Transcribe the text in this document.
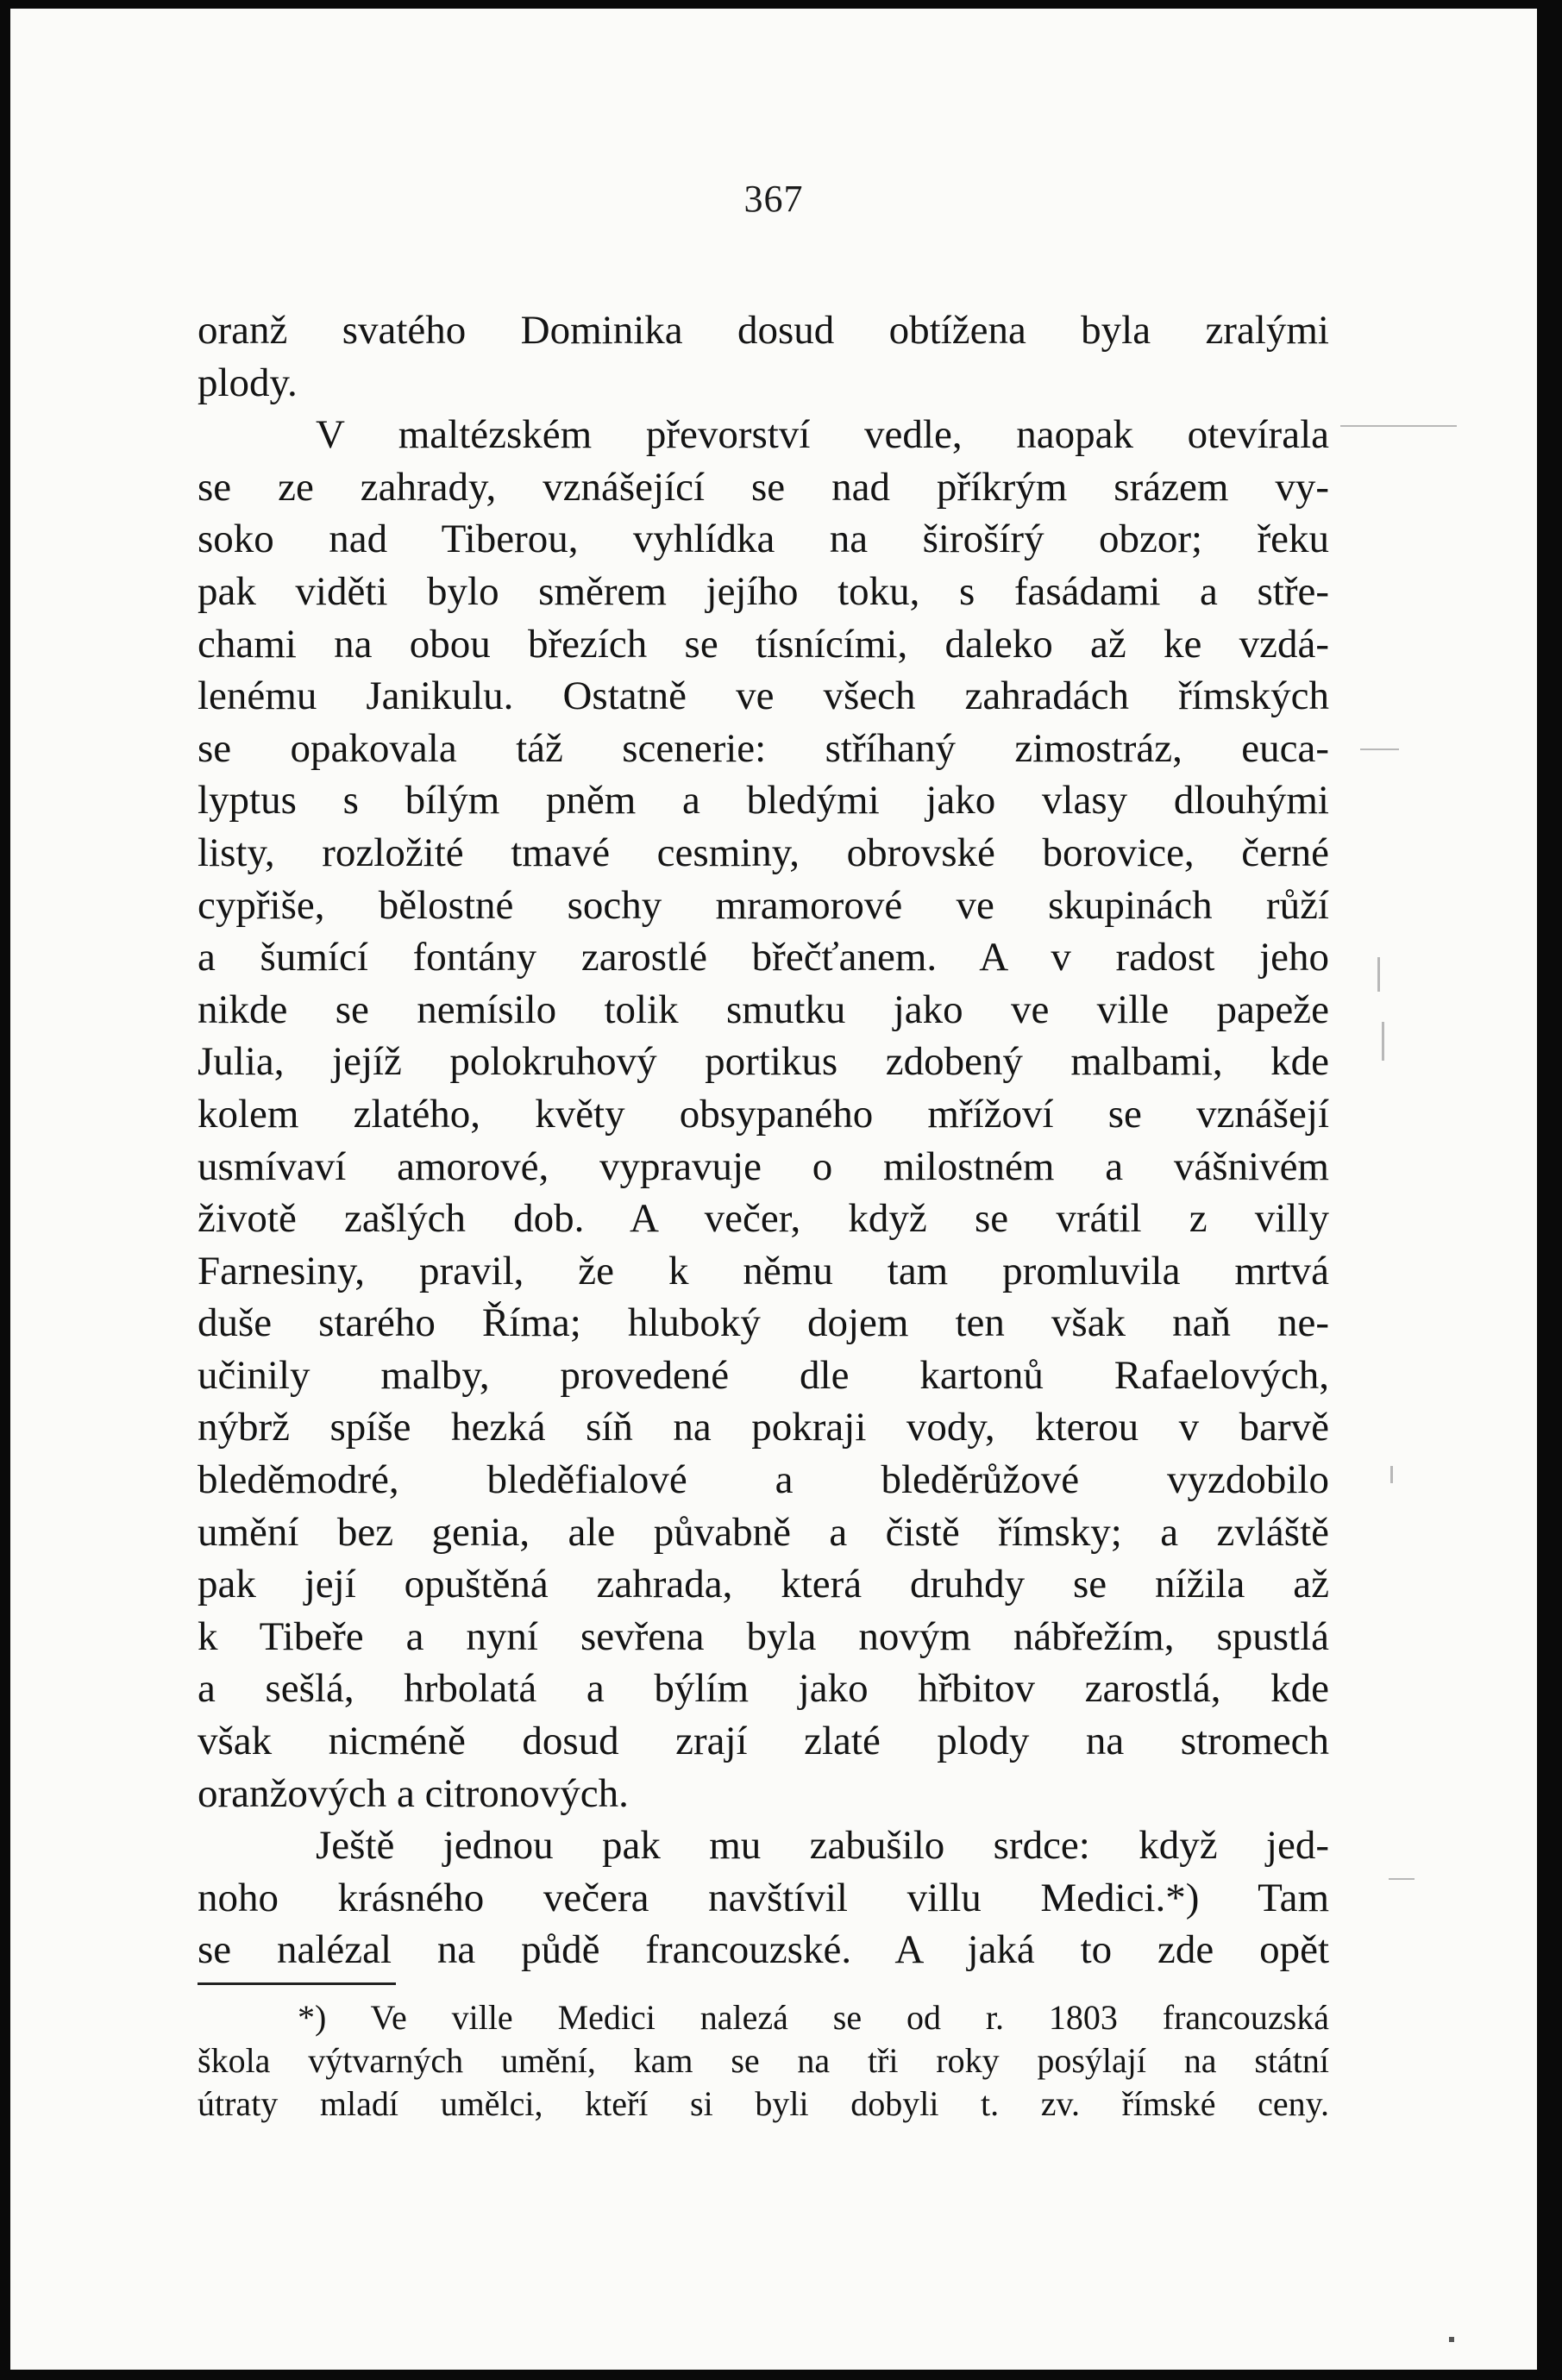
367
oranž svatého Dominika dosud obtížena byla zralými
plody.
V maltézském převorství vedle, naopak otevírala
se ze zahrady, vznášející se nad příkrým srázem vy-
soko nad Tiberou, vyhlídka na širošírý obzor; řeku
pak viděti bylo směrem jejího toku, s fasádami a stře-
chami na obou březích se tísnícími, daleko až ke vzdá-
lenému Janikulu. Ostatně ve všech zahradách římských
se opakovala táž scenerie: stříhaný zimostráz, euca-
lyptus s bílým pněm a bledými jako vlasy dlouhými
listy, rozložité tmavé cesminy, obrovské borovice, černé
cypřiše, bělostné sochy mramorové ve skupinách růží
a šumící fontány zarostlé břečťanem. A v radost jeho
nikde se nemísilo tolik smutku jako ve ville papeže
Julia, jejíž polokruhový portikus zdobený malbami, kde
kolem zlatého, květy obsypaného mřížoví se vznášejí
usmívaví amorové, vypravuje o milostném a vášnivém
životě zašlých dob. A večer, když se vrátil z villy
Farnesiny, pravil, že k němu tam promluvila mrtvá
duše starého Říma; hluboký dojem ten však naň ne-
učinily malby, provedené dle kartonů Rafaelových,
nýbrž spíše hezká síň na pokraji vody, kterou v barvě
bleděmodré, bleděfialové a bleděrůžové vyzdobilo
umění bez genia, ale půvabně a čistě římsky; a zvláště
pak její opuštěná zahrada, která druhdy se nížila až
k Tibeře a nyní sevřena byla novým nábřežím, spustlá
a sešlá, hrbolatá a býlím jako hřbitov zarostlá, kde
však nicméně dosud zrají zlaté plody na stromech
oranžových a citronových.
Ještě jednou pak mu zabušilo srdce: když jed-
noho krásného večera navštívil villu Medici.*) Tam
se nalézal na půdě francouzské. A jaká to zde opět
*) Ve ville Medici nalezá se od r. 1803 francouzská
škola výtvarných umění, kam se na tři roky posýlají na státní
útraty mladí umělci, kteří si byli dobyli t. zv. římské ceny.
